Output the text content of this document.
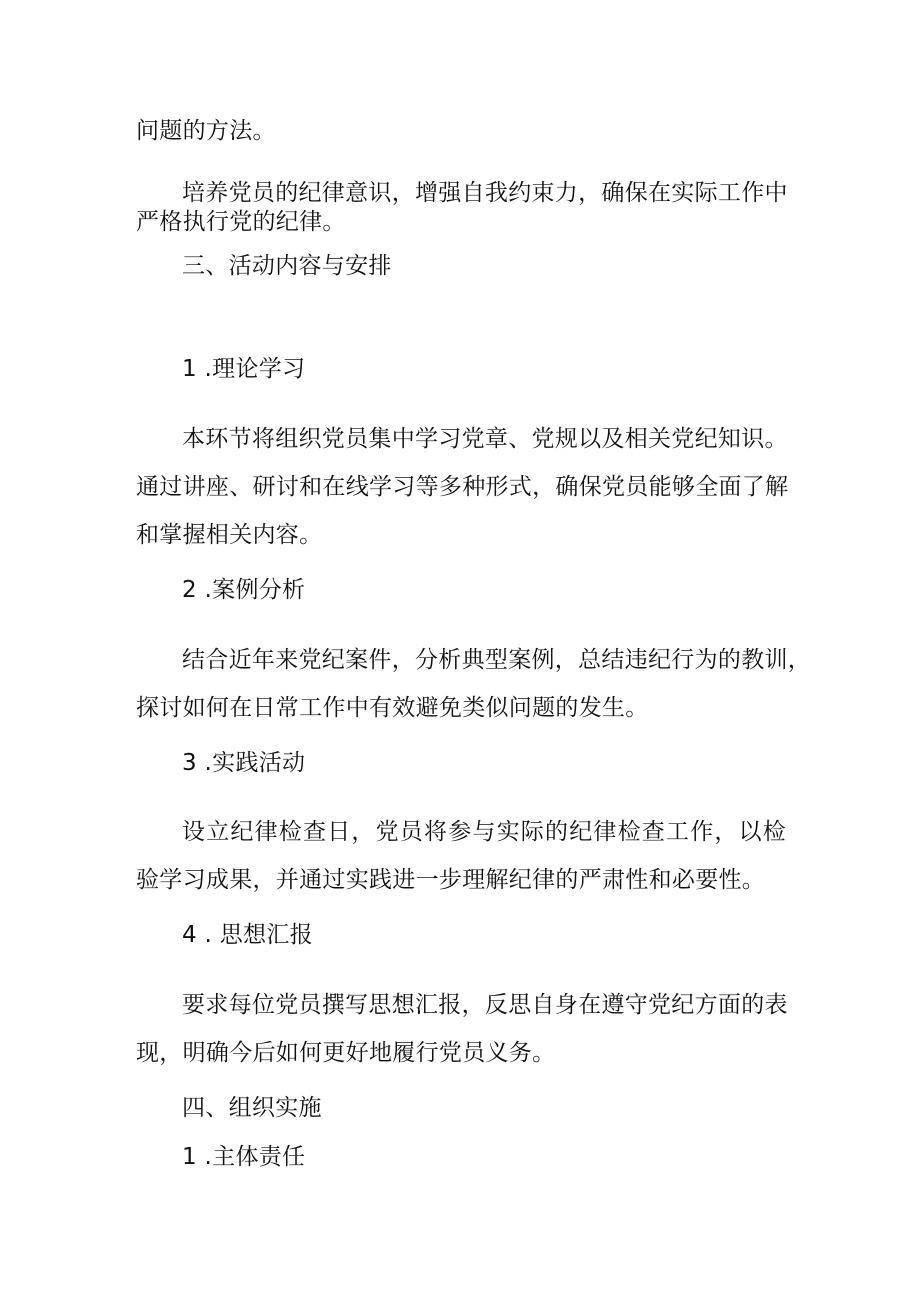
问题的方法。

培养党员的纪律意识，增强自我约束力，确保在实际工作中

严格执行党的纪律。

三、活动内容与安排

1 .理论学习

本环节将组织党员集中学习党章、党规以及相关党纪知识。

通过讲座、研讨和在线学习等多种形式，确保党员能够全面了解

和掌握相关内容。

2 .案例分析

结合近年来党纪案件，分析典型案例，总结违纪行为的教训，

探讨如何在日常工作中有效避免类似问题的发生。

3 .实践活动

设立纪律检查日，党员将参与实际的纪律检查工作，以检

验学习成果，并通过实践进一步理解纪律的严肃性和必要性。

4 . 思想汇报

要求每位党员撰写思想汇报，反思自身在遵守党纪方面的表

现，明确今后如何更好地履行党员义务。

四、组织实施

1 .主体责任
